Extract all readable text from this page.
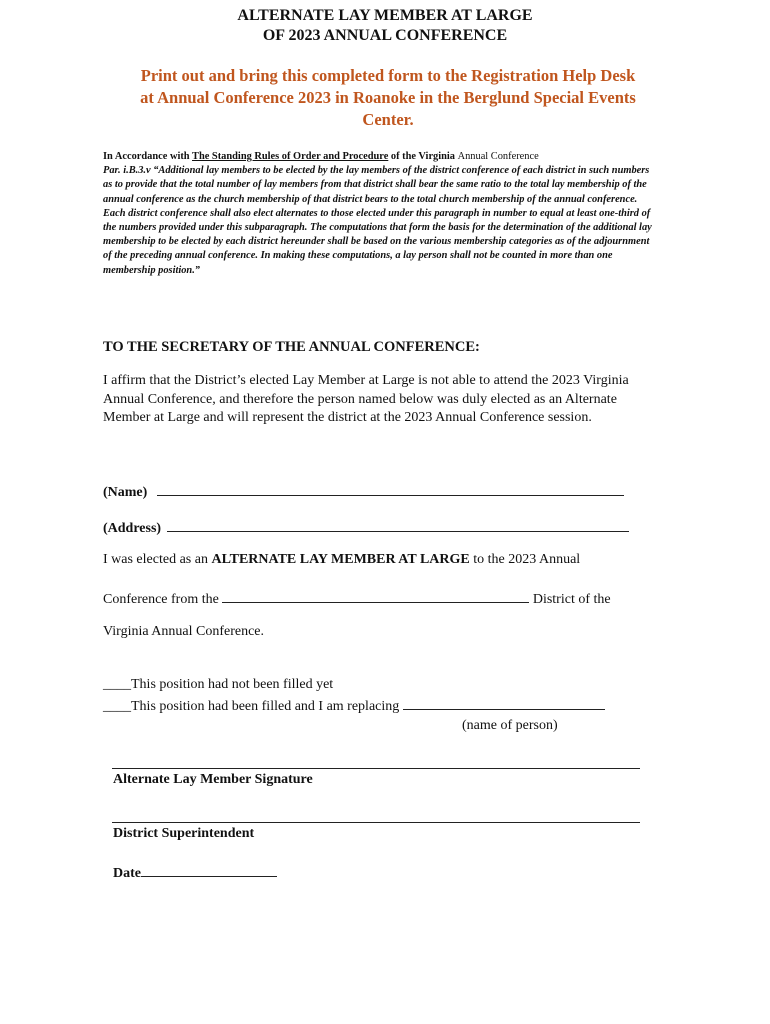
ALTERNATE LAY MEMBER AT LARGE
OF 2023 ANNUAL CONFERENCE
Print out and bring this completed form to the Registration Help Desk
at Annual Conference 2023 in Roanoke in the Berglund Special Events
Center.
In Accordance with The Standing Rules of Order and Procedure of the Virginia Annual Conference
Par. i.B.3.v “Additional lay members to be elected by the lay members of the district conference of each district in such numbers as to provide that the total number of lay members from that district shall bear the same ratio to the total lay membership of the annual conference as the church membership of that district bears to the total church membership of the annual conference. Each district conference shall also elect alternates to those elected under this paragraph in number to equal at least one-third of the numbers provided under this subparagraph. The computations that form the basis for the determination of the additional lay membership to be elected by each district hereunder shall be based on the various membership categories as of the adjournment of the preceding annual conference. In making these computations, a lay person shall not be counted in more than one membership position.”
TO THE SECRETARY OF THE ANNUAL CONFERENCE:
I affirm that the District’s elected Lay Member at Large is not able to attend the 2023 Virginia Annual Conference, and therefore the person named below was duly elected as an Alternate Member at Large and will represent the district at the 2023 Annual Conference session.
(Name)
(Address)
I was elected as an ALTERNATE LAY MEMBER AT LARGE to the 2023 Annual
Conference from the	District of the
Virginia Annual Conference.
____This position had not been filled yet
____This position had been filled and I am replacing
(name of person)
Alternate Lay Member Signature
District Superintendent
Date
